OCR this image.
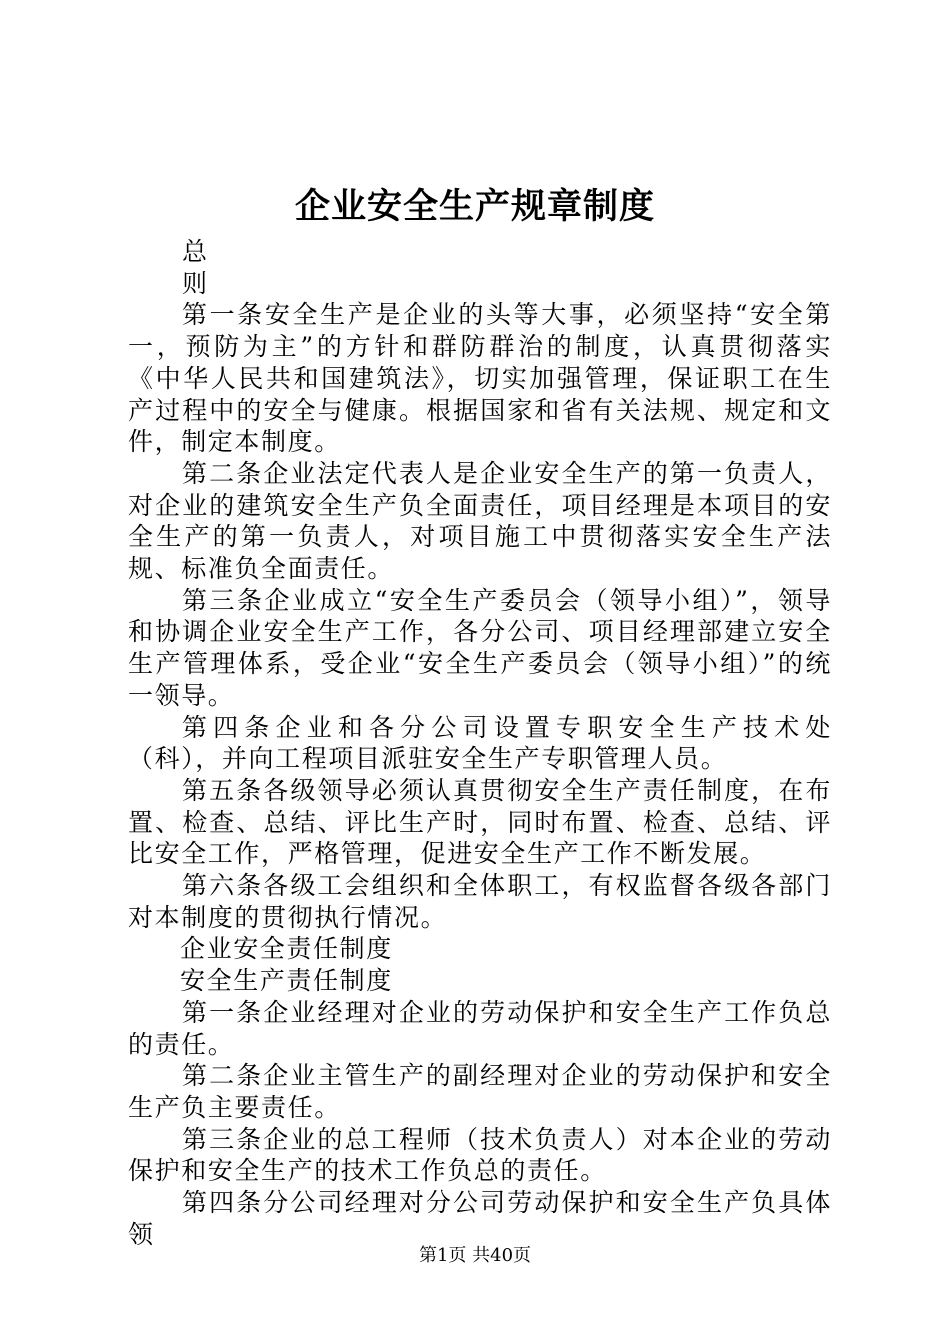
企业安全生产规章制度
总
则

第一条安全生产是企业的头等大事，必须坚持“安全第一，预防为主”的方针和群防群治的制度，认真贯彻落实《中华人民共和国建筑法》，切实加强管理，保证职工在生产过程中的安全与健康。根据国家和省有关法规、规定和文件，制定本制度。

第二条企业法定代表人是企业安全生产的第一负责人，对企业的建筑安全生产负全面责任，项目经理是本项目的安全生产的第一负责人，对项目施工中贯彻落实安全生产法规、标准负全面责任。

第三条企业成立“安全生产委员会（领导小组）”，领导和协调企业安全生产工作，各分公司、项目经理部建立安全生产管理体系，受企业“安全生产委员会（领导小组）”的统一领导。

第四条企业和各分公司设置专职安全生产技术处（科），并向工程项目派驻安全生产专职管理人员。

第五条各级领导必须认真贯彻安全生产责任制度，在布置、检查、总结、评比生产时，同时布置、检查、总结、评比安全工作，严格管理，促进安全生产工作不断发展。

第六条各级工会组织和全体职工，有权监督各级各部门对本制度的贯彻执行情况。

企业安全责任制度
安全生产责任制度

第一条企业经理对企业的劳动保护和安全生产工作负总的责任。

第二条企业主管生产的副经理对企业的劳动保护和安全生产负主要责任。

第三条企业的总工程师（技术负责人）对本企业的劳动保护和安全生产的技术工作负总的责任。

第四条分公司经理对分公司劳动保护和安全生产负具体领

第1页 共40页
